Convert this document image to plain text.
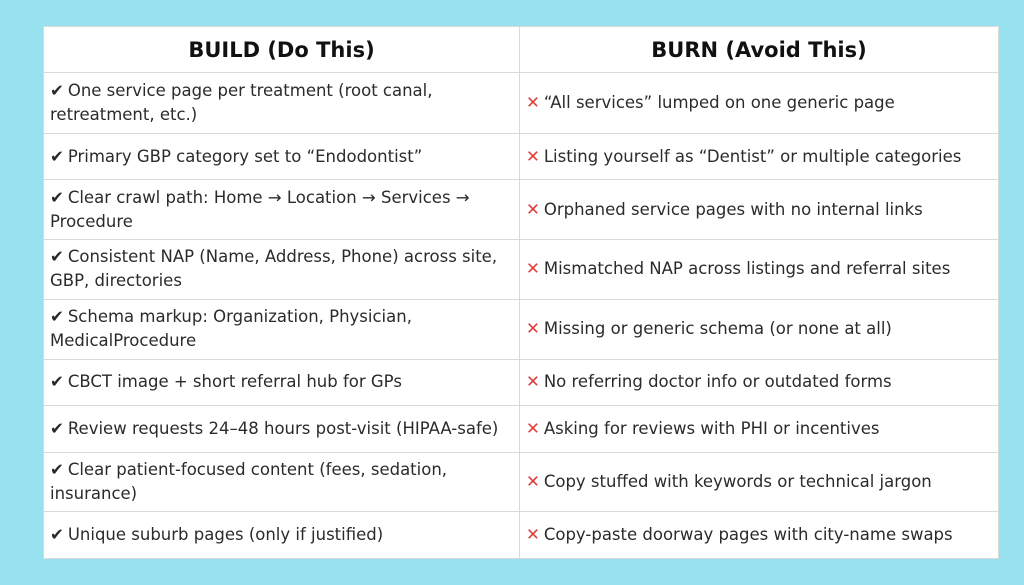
BUILD (Do This)	BURN (Avoid This)
✔ One service page per treatment (root canal, retreatment, etc.)	✕ “All services” lumped on one generic page
✔ Primary GBP category set to “Endodontist”	✕ Listing yourself as “Dentist” or multiple categories
✔ Clear crawl path: Home → Location → Services → Procedure	✕ Orphaned service pages with no internal links
✔ Consistent NAP (Name, Address, Phone) across site, GBP, directories	✕ Mismatched NAP across listings and referral sites
✔ Schema markup: Organization, Physician, MedicalProcedure	✕ Missing or generic schema (or none at all)
✔ CBCT image + short referral hub for GPs	✕ No referring doctor info or outdated forms
✔ Review requests 24–48 hours post-visit (HIPAA-safe)	✕ Asking for reviews with PHI or incentives
✔ Clear patient-focused content (fees, sedation, insurance)	✕ Copy stuffed with keywords or technical jargon
✔ Unique suburb pages (only if justified)	✕ Copy-paste doorway pages with city-name swaps
